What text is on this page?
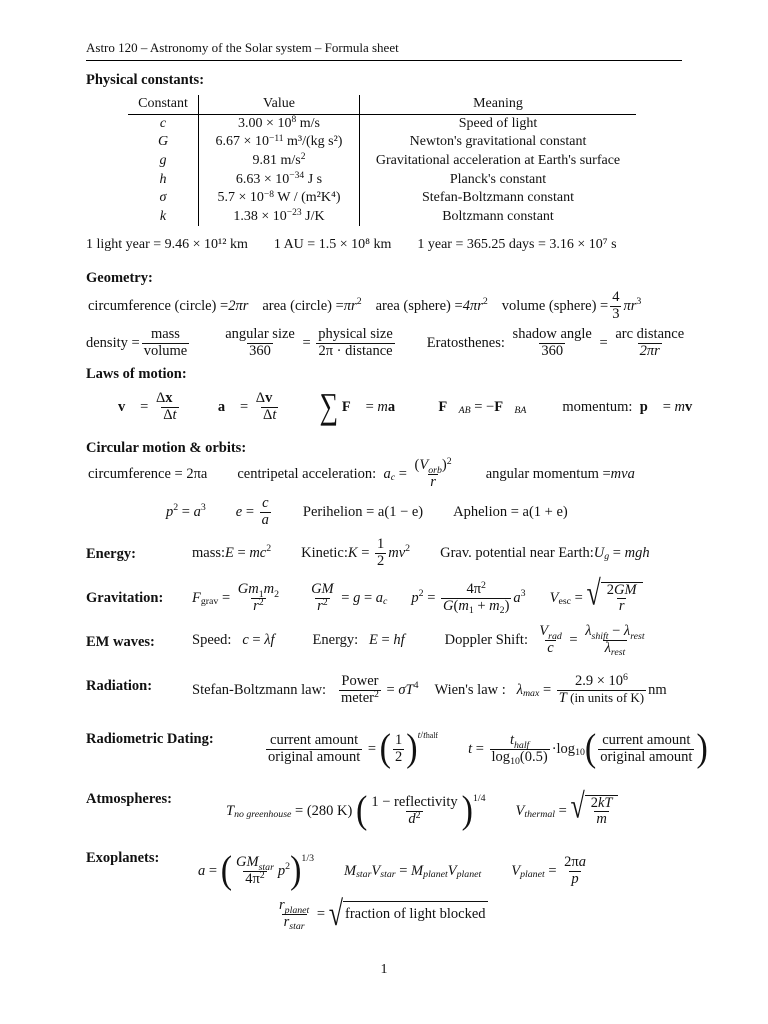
Astro 120 – Astronomy of the Solar system – Formula sheet
Physical constants:
Constant	Value	Meaning
c	$3.00 \times 10^8$ m/s	Speed of light
G	$6.67 \times 10^{-11}$ m³/(kg s²)	Newton's gravitational constant
g	9.81 $m/s^2$	Gravitational acceleration at Earth's surface
h	$6.63 \times 10^{-34}$ J s	Planck's constant
σ	$5.7 \times 10^{-8}$ W / (m²K⁴)	Stefan-Boltzmann constant
k	$1.38 \times 10^{-23}$ J/K	Boltzmann constant
1 light year = 9.46 × 10¹² km 1 AU = 1.5 × 10⁸ km 1 year = 365.25 days = 3.16 × 10⁷ s
Geometry:
circumference (circle) = 2πr area (circle) = πr 2 area (sphere) = 4πr 2 volume (sphere) = $\frac{4}{3}$ πr 3
density = $\frac{\text{mass}}{\text{volume}} \frac{\text{angular size}}{360} = \frac{\text{physical size}}{\text{2π · distance}}$ Eratosthenes:
$\frac{\text{shadow angle}}{360} = \frac{\text{arc distance}}{2\pi r}$
Laws of motion:
v⃗ = $\frac{\Delta x⃗}{\Delta t}$ a⃗ = $\frac{\Delta v⃗}{\Delta t}$ ∑
F⃗ = m a⃗ F⃗ AB = − F⃗ BA momentum:
p⃗ = m v⃗
Circular motion & orbits:
circumference = 2πa centripetal acceleration:
a $c = \frac{(V_{orb})^2}{r}$ angular momentum = mva
p 2 = a 3 $e = \frac{c}{a}$ Perihelion = a(1 − e) Aphelion = a(1 + e)
Energy:	mass: E = mc 2 Kinetic: $K = \frac{1}{2}$ mv 2 Grav. potential near Earth: U g = mgh
Gravitation: F grav = $\frac{Gm_1m_2}{r^2} \frac{GM}{r^2} = g = a$ c p $2 = \frac{4\pi^2}{G(m_1 + m_2)}$ a 3 V esc = √ $\frac{2GM}{r}$
EM waves:	Speed:
c = λf	Energy:
E = hf	Doppler Shift:
$\frac{V_{rad}}{c} = \frac{\lambda_{shift} - \lambda_{rest}}{\lambda_{rest}}$
Radiation:	Stefan-Boltzmann law:
$\frac{\text{Power}}{meter^2} = \sigma T$ 4 Wien's law :
λ $\max = \frac{2.9 \times 10^6}{\text{T (in units of K)}}$ nm
Radiometric Dating:	$\frac{\text{current amount}}{\text{original amount}}$ = ( $\frac{1}{2}$ ) t/thalf
$t = \frac{t_{half}}{\log_{10}(0.5)} \cdot\log$ 10 ( $\frac{\text{current amount}}{\text{original amount}}$ )
Atmospheres:
T no greenhouse = (280 K)
( $\frac{\text{1 − reflectivity}}{d^2}$ ) 1/4
V thermal = √ $\frac{2kT}{m}$
Exoplanets:
a = ( $\frac{GM_{star}}{4\pi^2}$ p 2 ) 1/3
M star V star = M planet V planet V planet = $\frac{2\pi a}{p}$
$\frac{r_{planet}}{r_{star}}$ = √ fraction of light blocked
1
